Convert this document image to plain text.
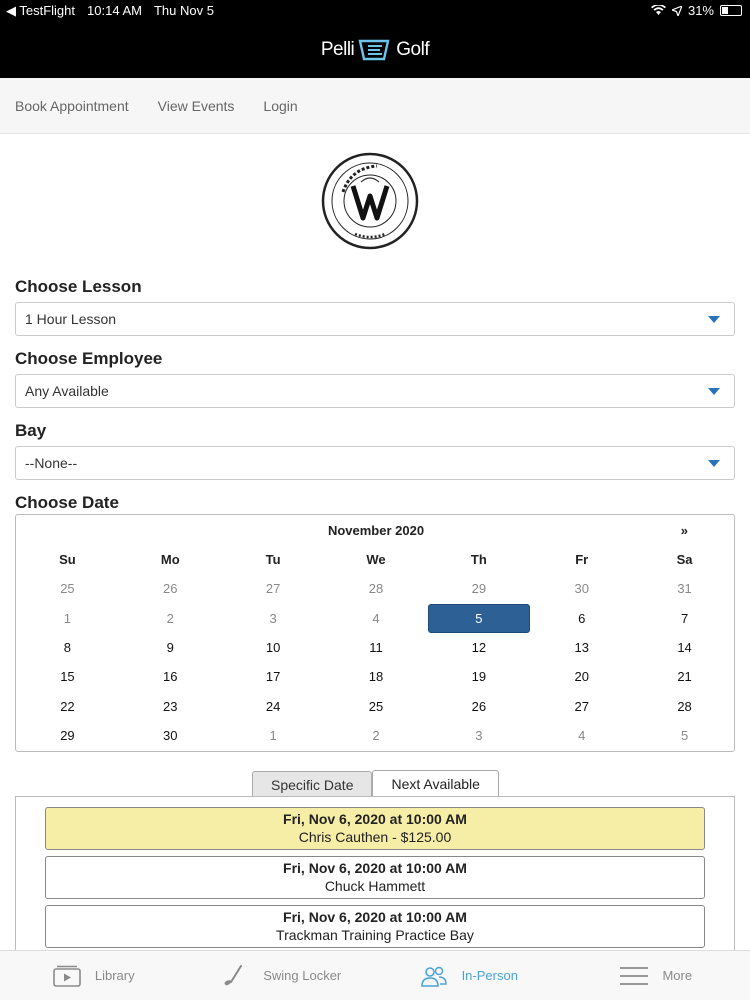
◀ TestFlight 10:14 AM Thu Nov 5	31%
Pelli Golf
Book Appointment View Events Login
Choose Lesson
1 Hour Lesson
Choose Employee
Any Available
Bay
--None--
Choose Date
November 2020	»
Su	Mo	Tu	We	Th	Fr	Sa
25	26	27	28	29	30	31
1	2	3	4	5	6	7
8	9	10	11	12	13	14
15	16	17	18	19	20	21
22	23	24	25	26	27	28
29	30	1	2	3	4	5
Specific Date	Next Available
Fri, Nov 6, 2020 at 10:00 AM
Chris Cauthen - $125.00
Fri, Nov 6, 2020 at 10:00 AM
Chuck Hammett
Fri, Nov 6, 2020 at 10:00 AM
Trackman Training Practice Bay
Library	Swing Locker	In-Person	More
